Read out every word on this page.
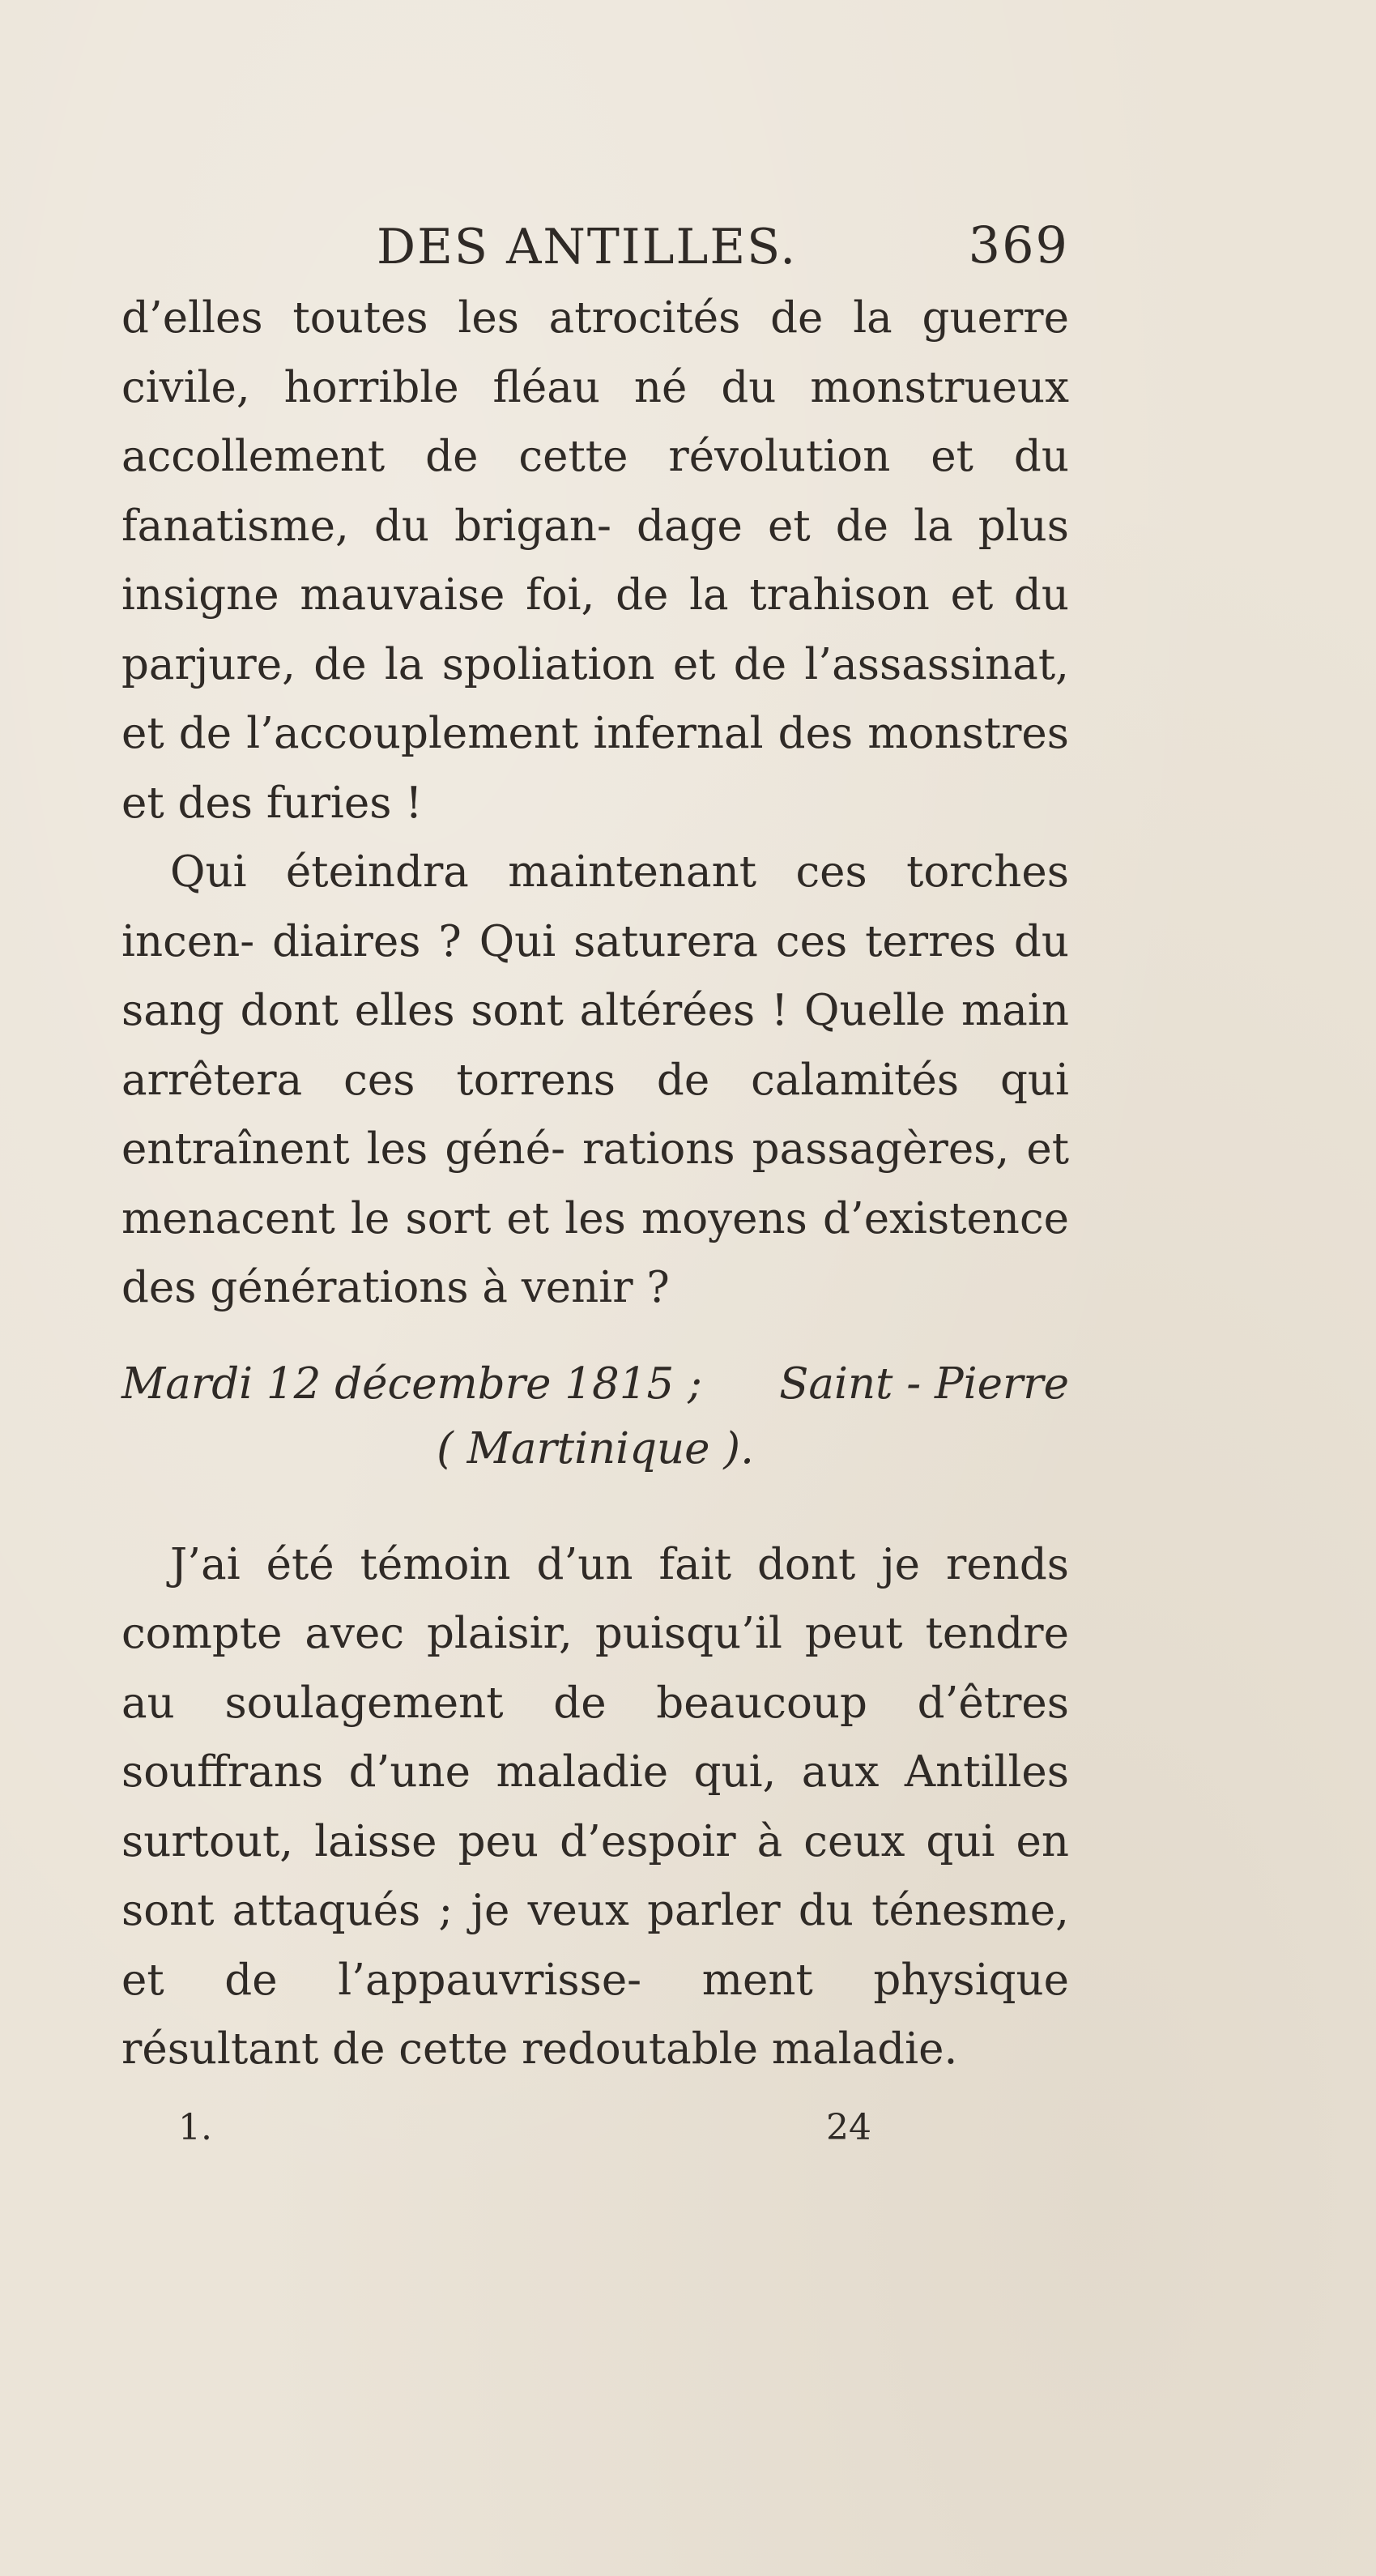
DES ANTILLES.	369
d’elles toutes les atrocités de la guerre civile, horrible fléau né du monstrueux accollement de cette révolution et du fanatisme, du brigan- dage et de la plus insigne mauvaise foi, de la trahison et du parjure, de la spoliation et de l’assassinat, et de l’accouplement infernal des monstres et des furies !
Qui éteindra maintenant ces torches incen- diaires ? Qui saturera ces terres du sang dont elles sont altérées ! Quelle main arrêtera ces torrens de calamités qui entraînent les géné- rations passagères, et menacent le sort et les moyens d’existence des générations à venir ?
Mardi 12 décembre 1815 ; Saint - Pierre
( Martinique ).
J’ai été témoin d’un fait dont je rends compte avec plaisir, puisqu’il peut tendre au soulagement de beaucoup d’êtres souffrans d’une maladie qui, aux Antilles surtout, laisse peu d’espoir à ceux qui en sont attaqués ; je veux parler du ténesme, et de l’appauvrisse- ment physique résultant de cette redoutable maladie.
1.	24
